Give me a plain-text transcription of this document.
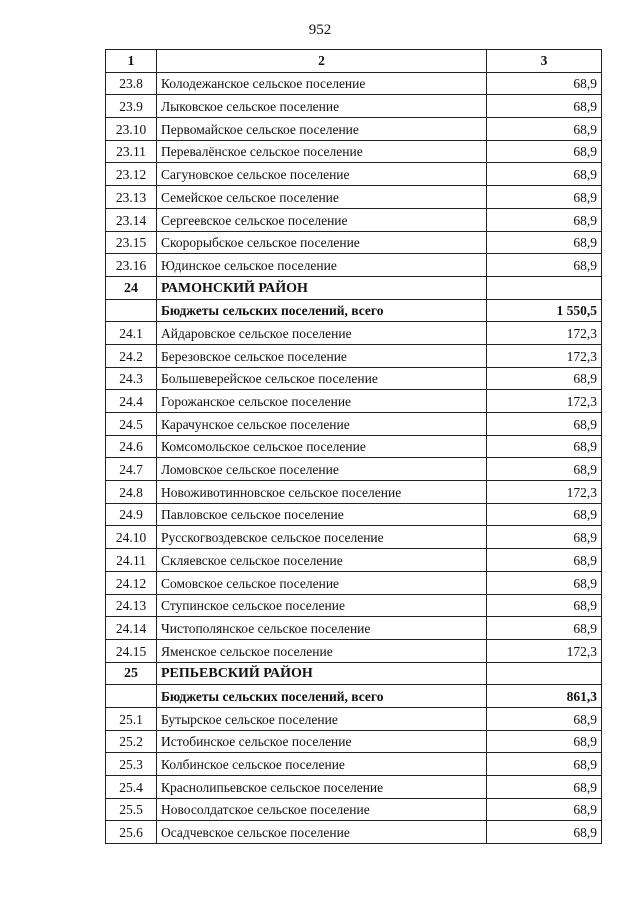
952
1	2	3
23.8	Колодежанское сельское поселение	68,9
23.9	Лыковское сельское поселение	68,9
23.10	Первомайское сельское поселение	68,9
23.11	Перевалёнское сельское поселение	68,9
23.12	Сагуновское сельское поселение	68,9
23.13	Семейское сельское поселение	68,9
23.14	Сергеевское сельское поселение	68,9
23.15	Скорорыбское сельское поселение	68,9
23.16	Юдинское сельское поселение	68,9
24	РАМОНСКИЙ РАЙОН	
	Бюджеты сельских поселений, всего	1 550,5
24.1	Айдаровское сельское поселение	172,3
24.2	Березовское сельское поселение	172,3
24.3	Большеверейское сельское поселение	68,9
24.4	Горожанское сельское поселение	172,3
24.5	Карачунское сельское поселение	68,9
24.6	Комсомольское сельское поселение	68,9
24.7	Ломовское сельское поселение	68,9
24.8	Новоживотинновское сельское поселение	172,3
24.9	Павловское сельское поселение	68,9
24.10	Русскогвоздевское сельское поселение	68,9
24.11	Скляевское сельское поселение	68,9
24.12	Сомовское сельское поселение	68,9
24.13	Ступинское сельское поселение	68,9
24.14	Чистополянское сельское поселение	68,9
24.15	Яменское сельское поселение	172,3
25	РЕПЬЕВСКИЙ РАЙОН	
	Бюджеты сельских поселений, всего	861,3
25.1	Бутырское сельское поселение	68,9
25.2	Истобинское сельское поселение	68,9
25.3	Колбинское сельское поселение	68,9
25.4	Краснолипьевское сельское поселение	68,9
25.5	Новосолдатское сельское поселение	68,9
25.6	Осадчевское сельское поселение	68,9
